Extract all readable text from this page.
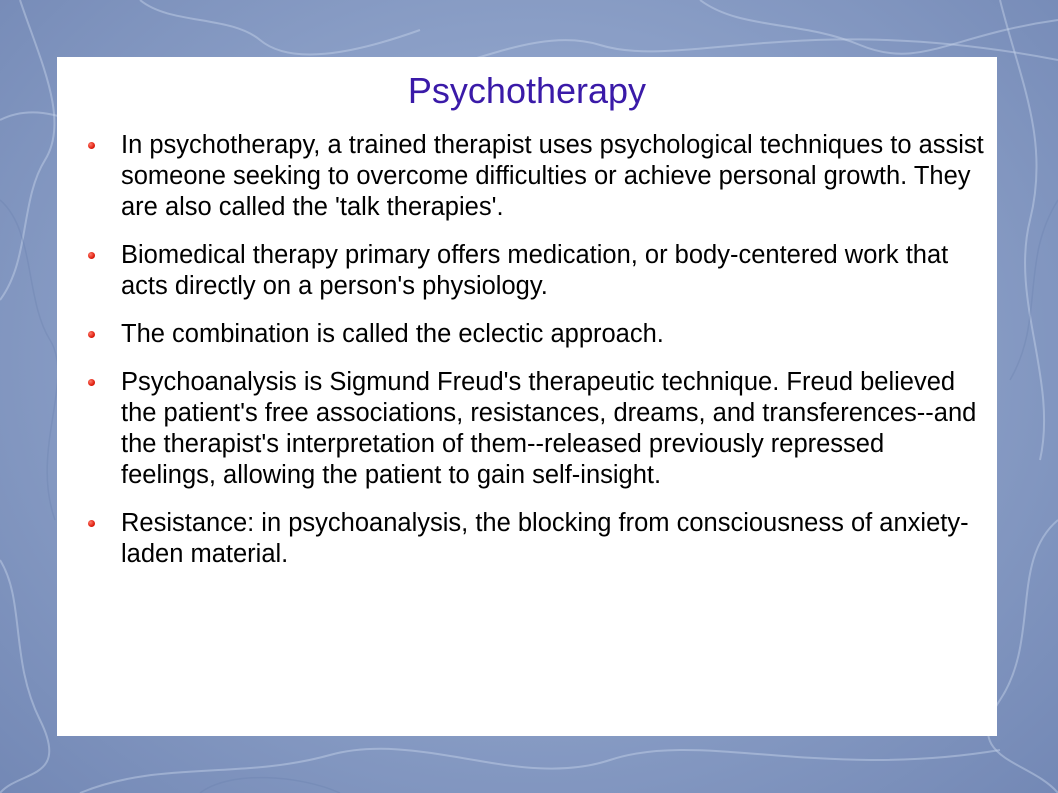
Psychotherapy
In psychotherapy, a trained therapist uses psychological techniques to assist someone seeking to overcome difficulties or achieve personal growth. They are also called the 'talk therapies'.
Biomedical therapy primary offers medication, or body-centered work that acts directly on a person's physiology.
The combination is called the eclectic approach.
Psychoanalysis is Sigmund Freud's therapeutic technique. Freud believed the patient's free associations, resistances, dreams, and transferences--and the therapist's interpretation of them--released previously repressed feelings, allowing the patient to gain self-insight.
Resistance: in psychoanalysis, the blocking from consciousness of anxiety-laden material.
